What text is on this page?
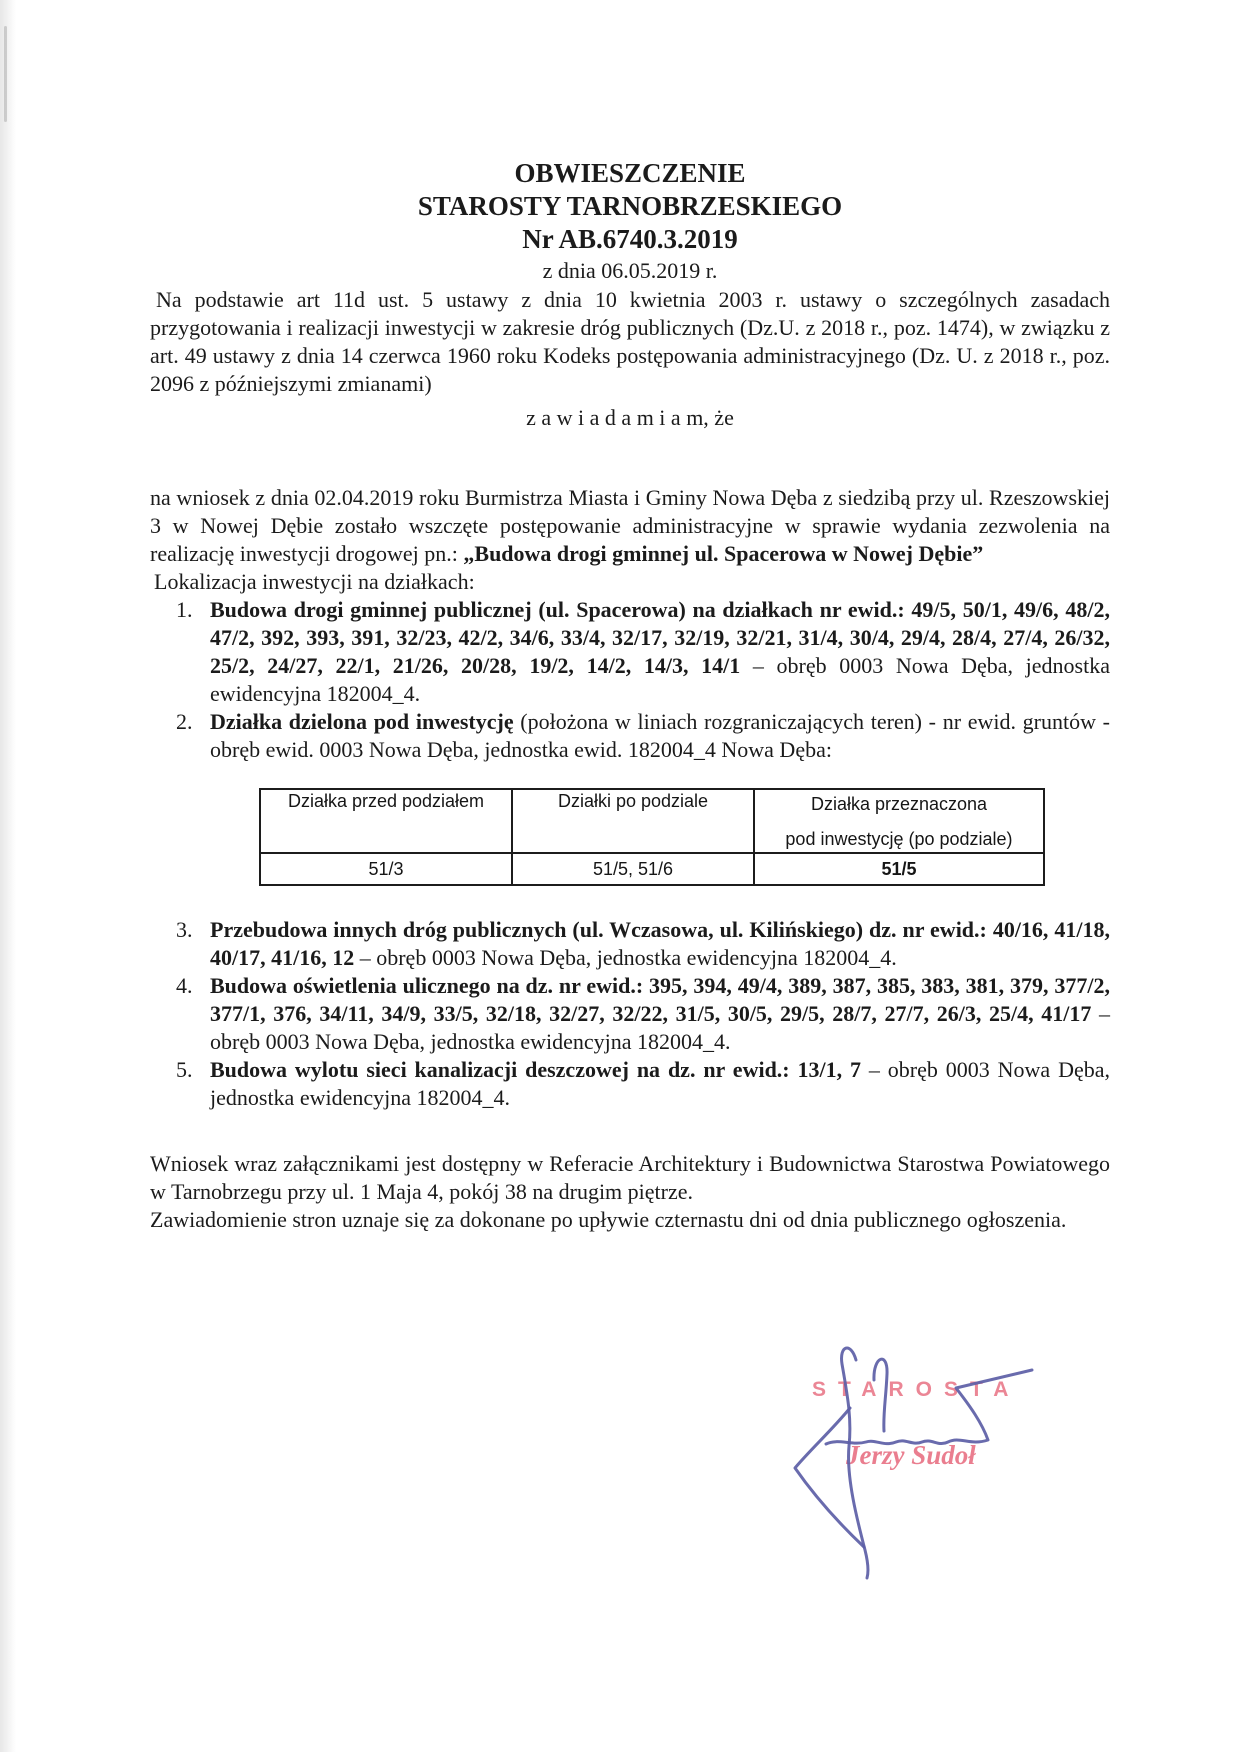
OBWIESZCZENIE
STAROSTY TARNOBRZESKIEGO
Nr AB.6740.3.2019
z dnia 06.05.2019 r.

Na podstawie art 11d ust. 5 ustawy z dnia 10 kwietnia 2003 r. ustawy o szczególnych zasadach przygotowania i realizacji inwestycji w zakresie dróg publicznych (Dz.U. z 2018 r., poz. 1474), w związku z art. 49 ustawy z dnia 14 czerwca 1960 roku Kodeks postępowania administracyjnego (Dz. U. z 2018 r., poz. 2096 z późniejszymi zmianami)

z a w i a d a m i a m, że

na wniosek z dnia 02.04.2019 roku Burmistrza Miasta i Gminy Nowa Dęba z siedzibą przy ul. Rzeszowskiej 3 w Nowej Dębie zostało wszczęte postępowanie administracyjne w sprawie wydania zezwolenia na realizację inwestycji drogowej pn.: „Budowa drogi gminnej ul. Spacerowa w Nowej Dębie”

Lokalizacja inwestycji na działkach:
1. Budowa drogi gminnej publicznej (ul. Spacerowa) na działkach nr ewid.: 49/5, 50/1, 49/6, 48/2, 47/2, 392, 393, 391, 32/23, 42/2, 34/6, 33/4, 32/17, 32/19, 32/21, 31/4, 30/4, 29/4, 28/4, 27/4, 26/32, 25/2, 24/27, 22/1, 21/26, 20/28, 19/2, 14/2, 14/3, 14/1 – obręb 0003 Nowa Dęba, jednostka ewidencyjna 182004_4.
2. Działka dzielona pod inwestycję (położona w liniach rozgraniczających teren) - nr ewid. gruntów - obręb ewid. 0003 Nowa Dęba, jednostka ewid. 182004_4 Nowa Dęba:
Działka przed podziałem	Działki po podziale	Działka przeznaczona
pod inwestycję (po podziale)

51/3	51/5, 51/6	51/5
3. Przebudowa innych dróg publicznych (ul. Wczasowa, ul. Kilińskiego) dz. nr ewid.: 40/16, 41/18, 40/17, 41/16, 12 – obręb 0003 Nowa Dęba, jednostka ewidencyjna 182004_4.
4. Budowa oświetlenia ulicznego na dz. nr ewid.: 395, 394, 49/4, 389, 387, 385, 383, 381, 379, 377/2, 377/1, 376, 34/11, 34/9, 33/5, 32/18, 32/27, 32/22, 31/5, 30/5, 29/5, 28/7, 27/7, 26/3, 25/4, 41/17 – obręb 0003 Nowa Dęba, jednostka ewidencyjna 182004_4.
5. Budowa wylotu sieci kanalizacji deszczowej na dz. nr ewid.: 13/1, 7 – obręb 0003 Nowa Dęba, jednostka ewidencyjna 182004_4.

Wniosek wraz załącznikami jest dostępny w Referacie Architektury i Budownictwa Starostwa Powiatowego w Tarnobrzegu przy ul. 1 Maja 4, pokój 38 na drugim piętrze.

Zawiadomienie stron uznaje się za dokonane po upływie czternastu dni od dnia publicznego ogłoszenia.

STAROSTA
Jerzy Sudoł
